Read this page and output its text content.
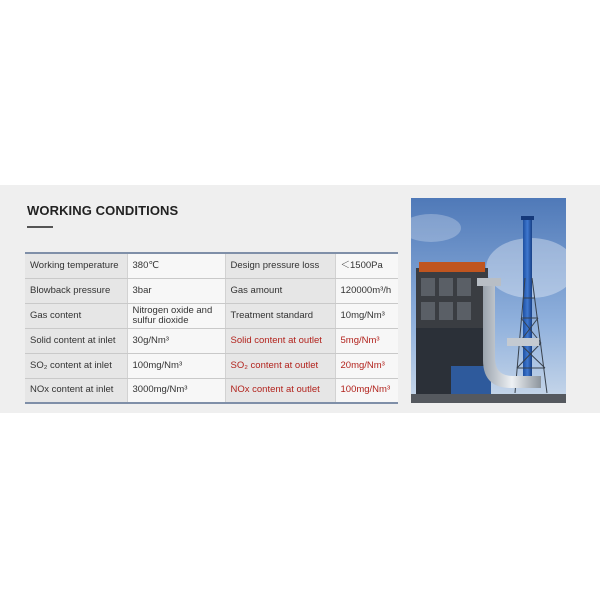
WORKING CONDITIONS
Working temperature	380℃	Design pressure loss	＜1500Pa
Blowback pressure	3bar	Gas amount	120000m³/h
Gas content	Nitrogen oxide and sulfur dioxide	Treatment standard	10mg/Nm³
Solid content at inlet	30g/Nm³	Solid content at outlet	5mg/Nm³
SO₂ content at inlet	100mg/Nm³	SO₂ content at outlet	20mg/Nm³
NOx content at inlet	3000mg/Nm³	NOx content at outlet	100mg/Nm³
